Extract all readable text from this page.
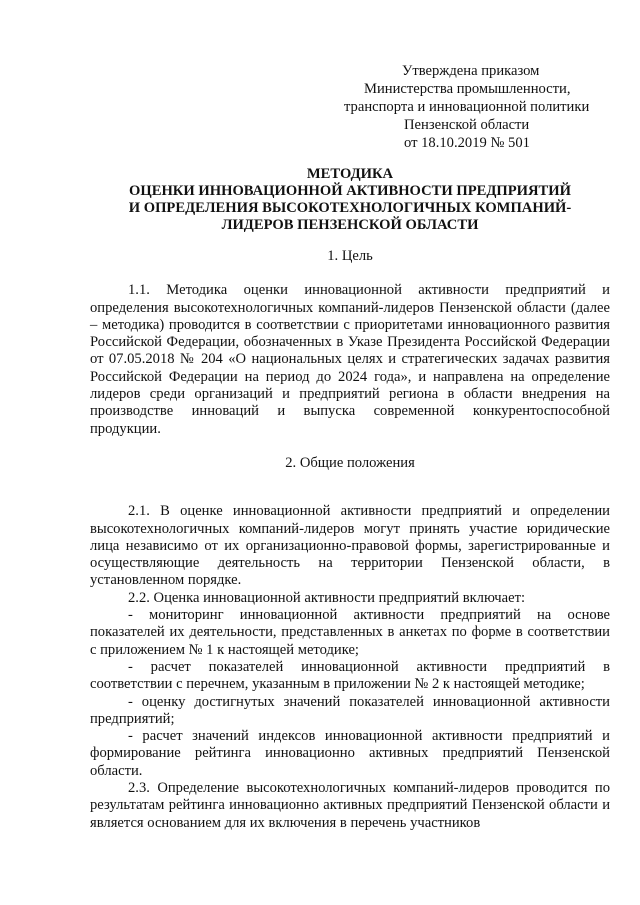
Утверждена приказом
Министерства промышленности,
транспорта и инновационной политики
Пензенской области
от 18.10.2019 № 501
МЕТОДИКА
ОЦЕНКИ ИННОВАЦИОННОЙ АКТИВНОСТИ ПРЕДПРИЯТИЙ
И ОПРЕДЕЛЕНИЯ ВЫСОКОТЕХНОЛОГИЧНЫХ КОМПАНИЙ-
ЛИДЕРОВ ПЕНЗЕНСКОЙ ОБЛАСТИ
1. Цель

1.1. Методика оценки инновационной активности предприятий и определения высокотехнологичных компаний-лидеров Пензенской области (далее – методика) проводится в соответствии с приоритетами инновационного развития Российской Федерации, обозначенных в Указе Президента Российской Федерации от 07.05.2018 № 204 «О национальных целях и стратегических задачах развития Российской Федерации на период до 2024 года», и направлена на определение лидеров среди организаций и предприятий региона в области внедрения на производстве инноваций и выпуска современной конкурентоспособной продукции.

2. Общие положения

2.1. В оценке инновационной активности предприятий и определении высокотехнологичных компаний-лидеров могут принять участие юридические лица независимо от их организационно-правовой формы, зарегистрированные и осуществляющие деятельность на территории Пензенской области, в установленном порядке.

2.2. Оценка инновационной активности предприятий включает:

- мониторинг инновационной активности предприятий на основе показателей их деятельности, представленных в анкетах по форме в соответствии с приложением № 1 к настоящей методике;

- расчет показателей инновационной активности предприятий в соответствии с перечнем, указанным в приложении № 2 к настоящей методике;

- оценку достигнутых значений показателей инновационной активности предприятий;

- расчет значений индексов инновационной активности предприятий и формирование рейтинга инновационно активных предприятий Пензенской области.

2.3. Определение высокотехнологичных компаний-лидеров проводится по результатам рейтинга инновационно активных предприятий Пензенской области и является основанием для их включения в перечень участников
